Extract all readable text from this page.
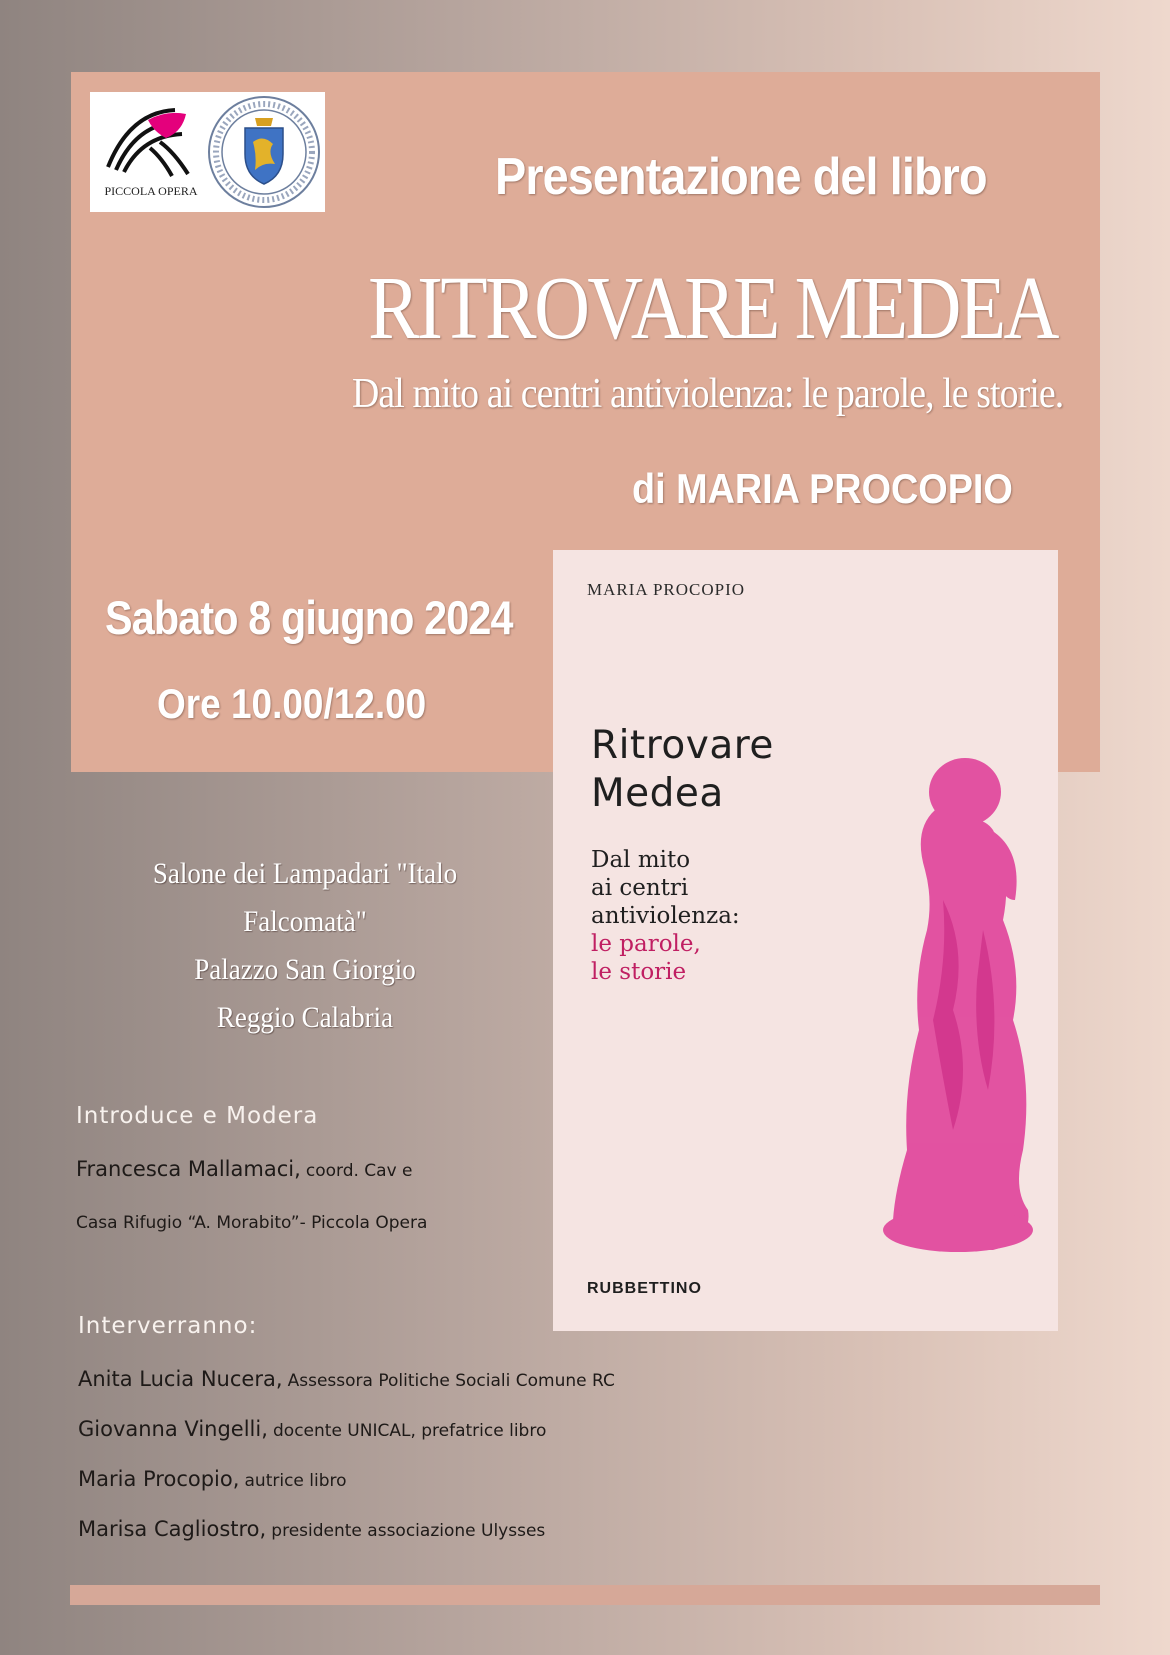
PICCOLA OPERA	Presentazione del libro
RITROVARE MEDEA
Dal mito ai centri antiviolenza: le parole, le storie.
di MARIA PROCOPIO
Sabato 8 giugno 2024
Ore 10.00/12.00
MARIA PROCOPIO
Ritrovare
Medea
Dal mito
ai centri
antiviolenza:
le parole,
le storie
RUBBETTINO
Salone dei Lampadari "Italo Falcomatà"
Palazzo San Giorgio
Reggio Calabria
Introduce e Modera
Francesca Mallamaci, coord. Cav e
Casa Rifugio “A. Morabito”- Piccola Opera
Interverranno:
Anita Lucia Nucera, Assessora Politiche Sociali Comune RC
Giovanna Vingelli, docente UNICAL, prefatrice libro
Maria Procopio, autrice libro
Marisa Cagliostro, presidente associazione Ulysses
